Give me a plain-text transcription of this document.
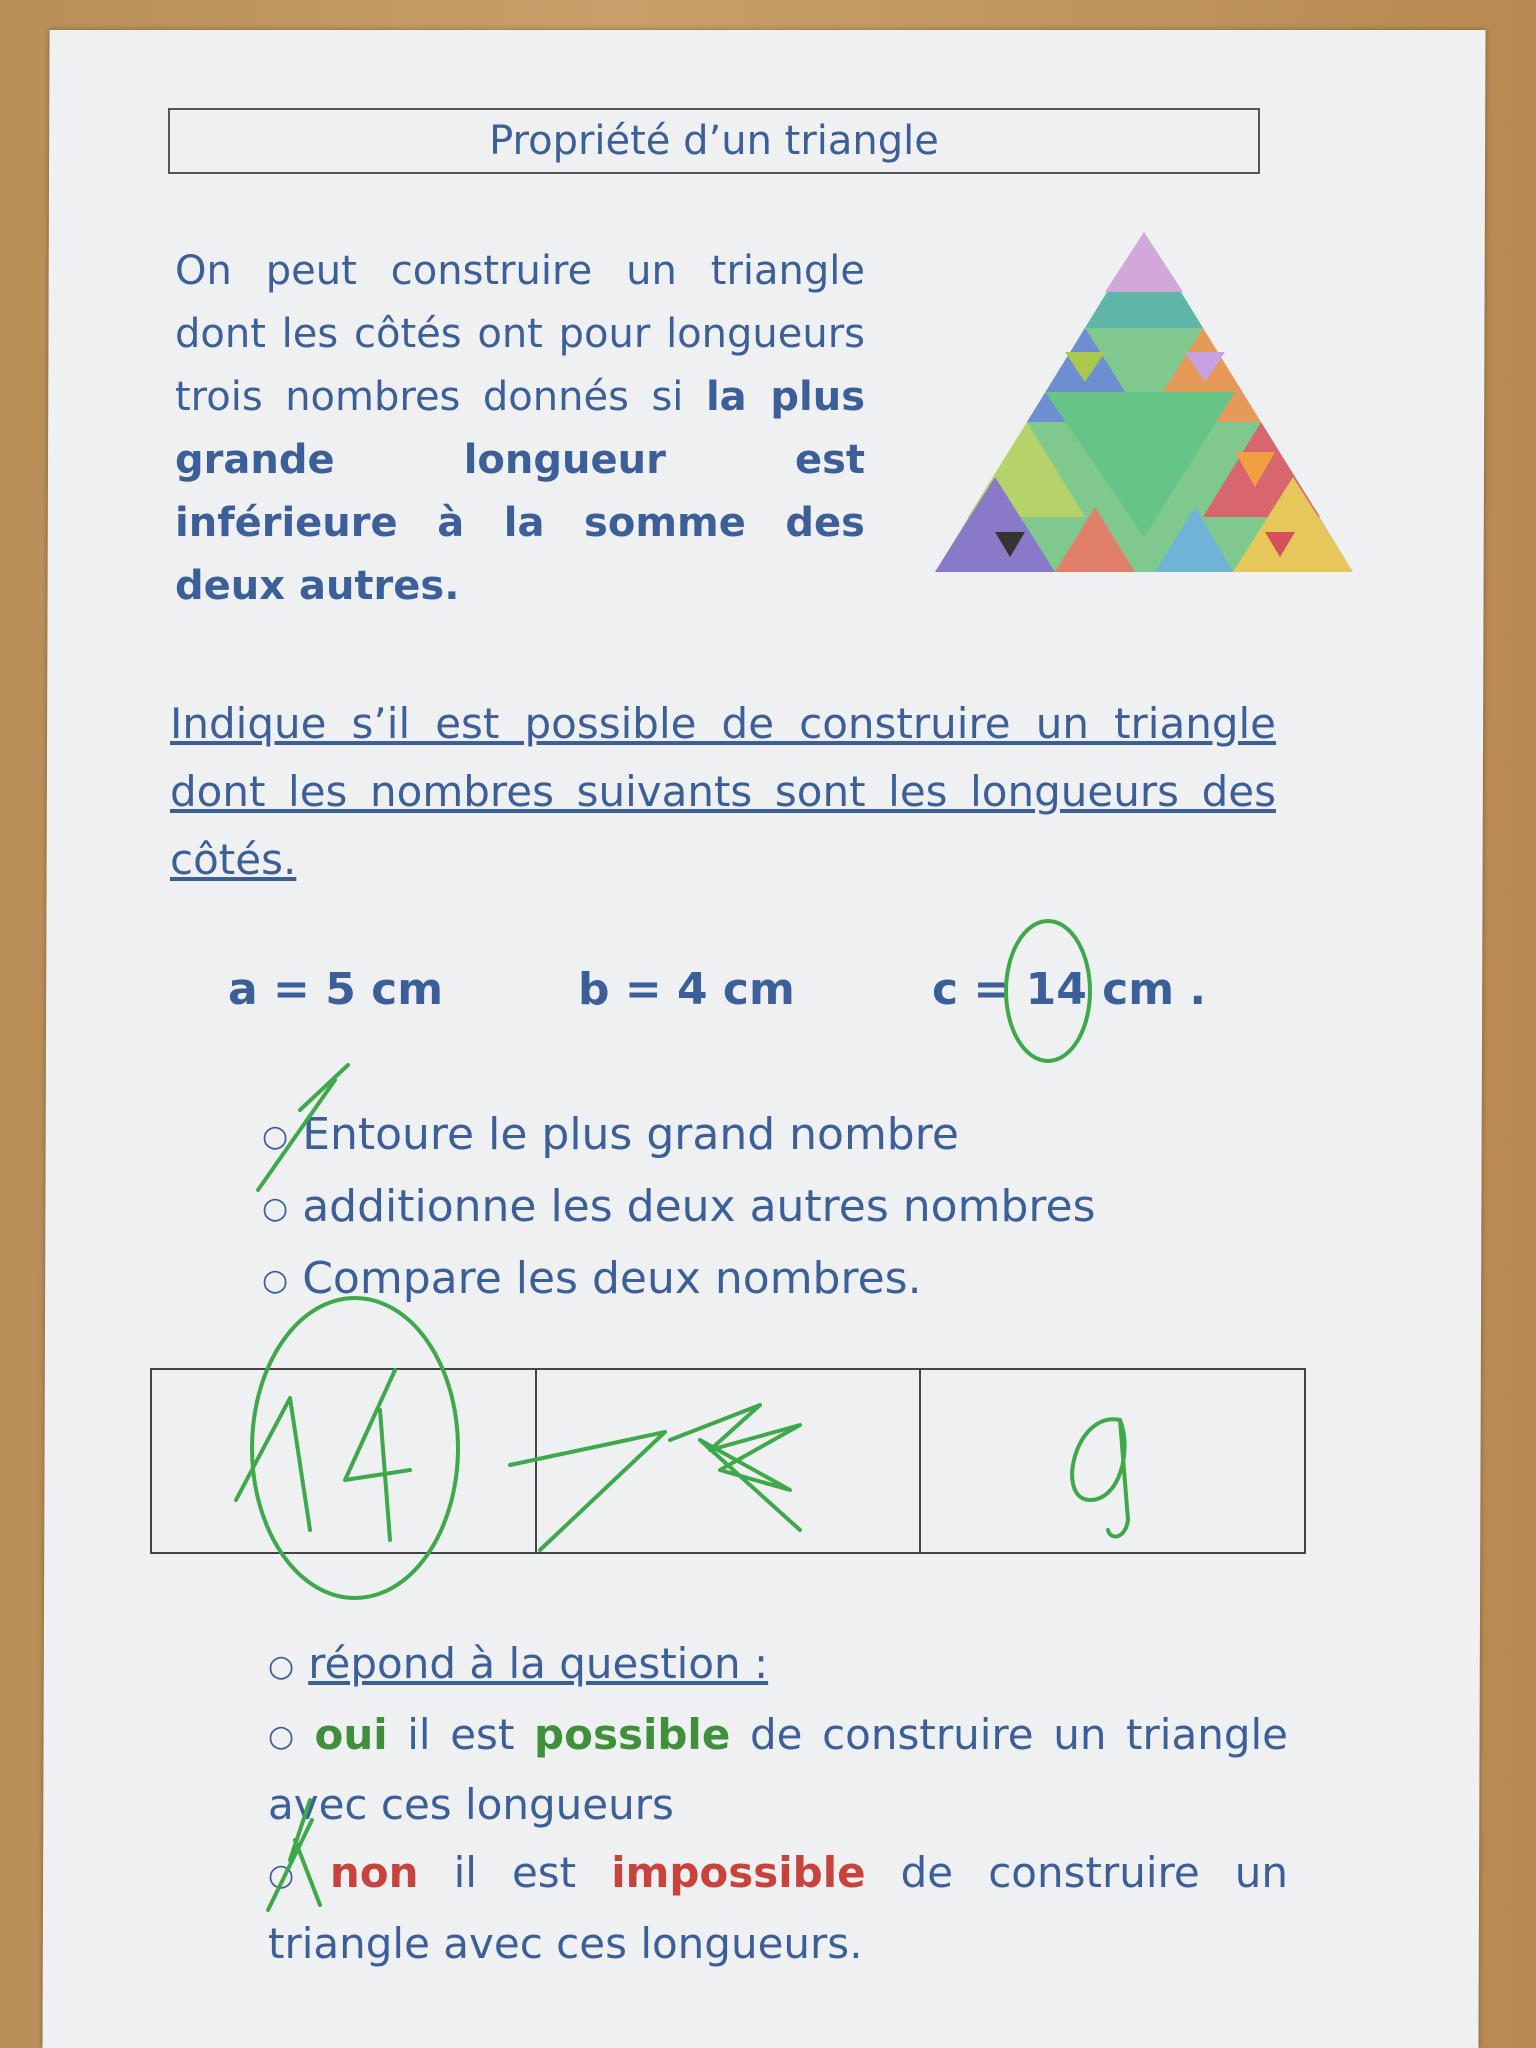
Propriété d’un triangle
On peut construire un triangle dont les côtés ont pour longueurs trois nombres donnés si la plus grande longueur est inférieure à la somme des deux autres.
Indique s’il est possible de construire un triangle dont les nombres suivants sont les longueurs des côtés.
a = 5 cm	b = 4 cm	c = 14 cm .
○ Entoure le plus grand nombre
○ additionne les deux autres nombres
○ Compare les deux nombres.
○ répond à la question :
○ oui il est possible de construire un triangle avec ces longueurs
○ non il est impossible de construire un triangle avec ces longueurs.
